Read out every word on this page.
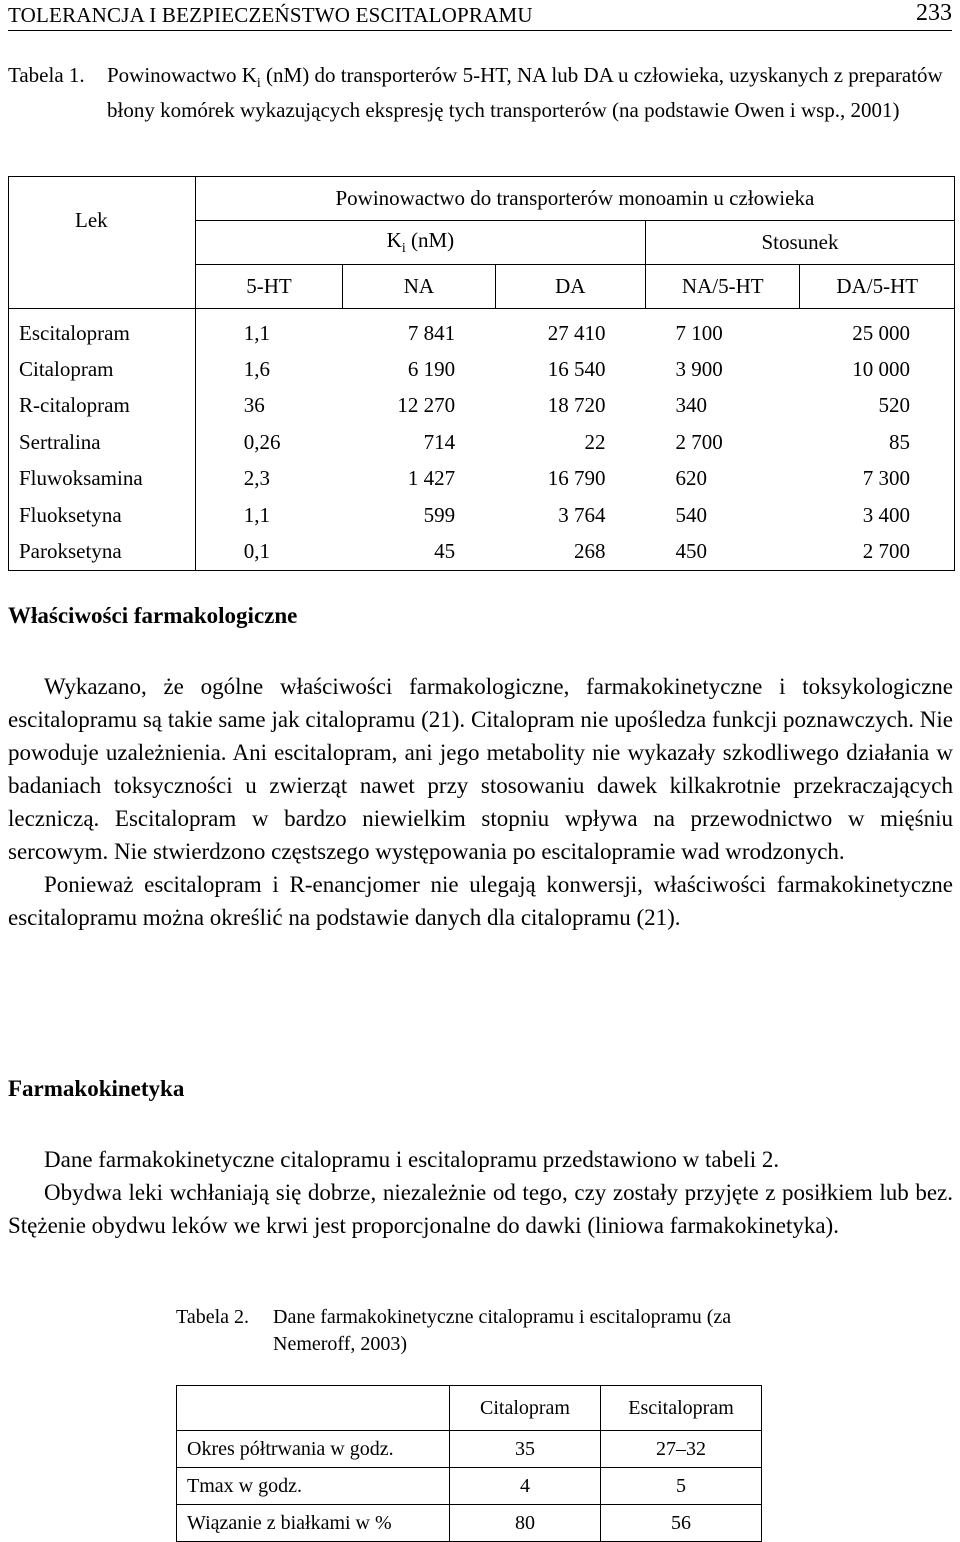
TOLERANCJA I BEZPIECZEŃSTWO ESCITALOPRAMU	233
Tabela 1. Powinowactwo $K_i$ (nM) do transporterów 5-HT, NA lub DA u człowieka, uzyskanych z preparatów błony komórek wykazujących ekspresję tych transporterów (na podstawie Owen i wsp., 2001)
Lek	Powinowactwo do transporterów monoamin u człowieka				
	$K_i$ (nM)			Stosunek	
	5-HT	NA	DA	NA/5-HT	DA/5-HT
Escitalopram	1,1	7 841	27 410	7 100	25 000
Citalopram	1,6	6 190	16 540	3 900	10 000
R-citalopram	36	12 270	18 720	340	520
Sertralina	0,26	714	22	2 700	85
Fluwoksamina	2,3	1 427	16 790	620	7 300
Fluoksetyna	1,1	599	3 764	540	3 400
Paroksetyna	0,1	45	268	450	2 700
Właściwości farmakologiczne

Wykazano, że ogólne właściwości farmakologiczne, farmakokinetyczne i toksykologiczne escitalopramu są takie same jak citalopramu (21). Citalopram nie upośledza funkcji poznawczych. Nie powoduje uzależnienia. Ani escitalopram, ani jego metabolity nie wykazały szkodliwego działania w badaniach toksyczności u zwierząt nawet przy stosowaniu dawek kilkakrotnie przekraczających leczniczą. Escitalopram w bardzo niewielkim stopniu wpływa na przewodnictwo w mięśniu sercowym. Nie stwierdzono częstszego występowania po escitalopramie wad wrodzonych.

Ponieważ escitalopram i R-enancjomer nie ulegają konwersji, właściwości farmakokinetyczne escitalopramu można określić na podstawie danych dla citalopramu (21).

Farmakokinetyka

Dane farmakokinetyczne citalopramu i escitalopramu przedstawiono w tabeli 2.

Obydwa leki wchłaniają się dobrze, niezależnie od tego, czy zostały przyjęte z posiłkiem lub bez. Stężenie obydwu leków we krwi jest proporcjonalne do dawki (liniowa farmakokinetyka).

Tabela 2. Dane farmakokinetyczne citalopramu i escitalopramu (za Nemeroff, 2003)
	Citalopram	Escitalopram
Okres półtrwania w godz.	35	27–32
Tmax w godz.	4	5
Wiązanie z białkami w %	80	56
